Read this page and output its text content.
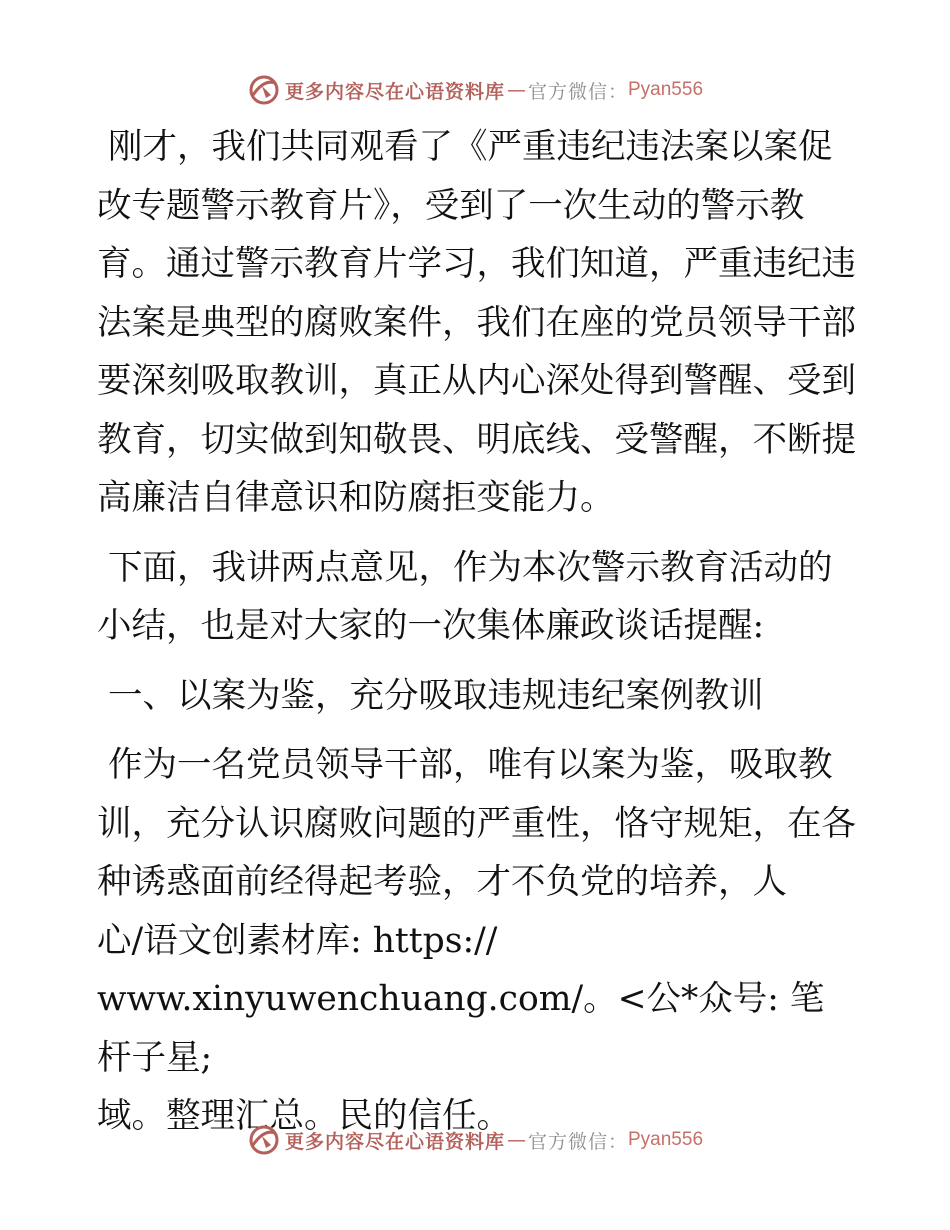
更多内容尽在心语资料库 — 官方微信： Pyan556

刚才，我们共同观看了《严重违纪违法案以案促改专题警示教育片》，受到了一次生动的警示教育。通过警示教育片学习，我们知道，严重违纪违法案是典型的腐败案件，我们在座的党员领导干部要深刻吸取教训，真正从内心深处得到警醒、受到教育，切实做到知敬畏、明底线、受警醒，不断提高廉洁自律意识和防腐拒变能力。

下面，我讲两点意见，作为本次警示教育活动的小结，也是对大家的一次集体廉政谈话提醒:

一、以案为鉴，充分吸取违规违纪案例教训

作为一名党员领导干部，唯有以案为鉴，吸取教训，充分认识腐败问题的严重性，恪守规矩，在各种诱惑面前经得起考验，才不负党的培养，人

心/语文创素材库: https://

www.xinyuwenchuang.com/。<公*众号: 笔杆子星;

域。整理汇总。民的信任。

更多内容尽在心语资料库 — 官方微信： Pyan556
